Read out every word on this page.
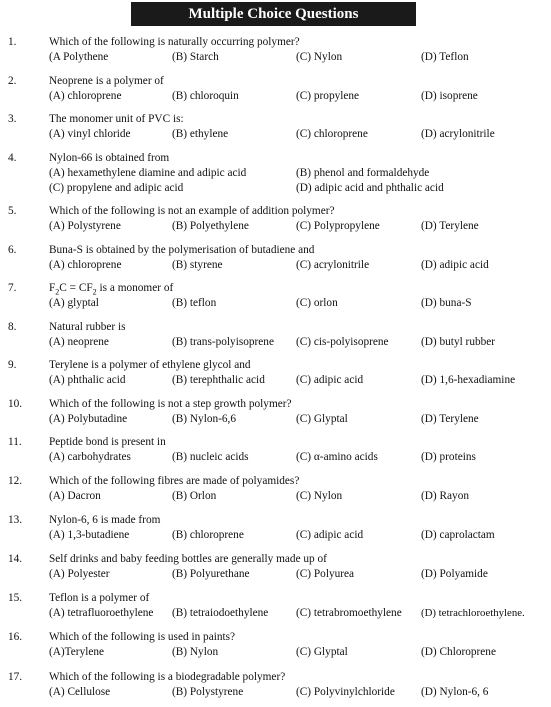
Multiple Choice Questions
1.	Which of the following is naturally occurring polymer?
(A Polythene	(B) Starch	(C) Nylon	(D) Teflon
2.	Neoprene is a polymer of
(A) chloroprene	(B) chloroquin	(C) propylene	(D) isoprene
3.	The monomer unit of PVC is:
(A) vinyl chloride	(B) ethylene	(C) chloroprene	(D) acrylonitrile
4.	Nylon-66 is obtained from
(A) hexamethylene diamine and adipic acid	(B) phenol and formaldehyde
(C) propylene and adipic acid	(D) adipic acid and phthalic acid
5.	Which of the following is not an example of addition polymer?
(A) Polystyrene	(B) Polyethylene	(C) Polypropylene	(D) Terylene
6.	Buna-S is obtained by the polymerisation of butadiene and
(A) chloroprene	(B) styrene	(C) acrylonitrile	(D) adipic acid
7.	$F_2C = CF_2$ is a monomer of
(A) glyptal	(B) teflon	(C) orlon	(D) buna-S
8.	Natural rubber is
(A) neoprene	(B) trans-polyisoprene (C) cis-polyisoprene	(D) butyl rubber
9.	Terylene is a polymer of ethylene glycol and
(A) phthalic acid	(B) terephthalic acid	(C) adipic acid	(D) 1,6-hexadiamine
10. Which of the following is not a step growth polymer?
(A) Polybutadine	(B) Nylon-6,6	(C) Glyptal	(D) Terylene
11. Peptide bond is present in
(A) carbohydrates	(B) nucleic acids	(C) α-amino acids	(D) proteins
12. Which of the following fibres are made of polyamides?
(A) Dacron	(B) Orlon	(C) Nylon	(D) Rayon
13. Nylon-6, 6 is made from
(A) 1,3-butadiene	(B) chloroprene	(C) adipic acid	(D) caprolactam
14. Self drinks and baby feeding bottles are generally made up of
(A) Polyester	(B) Polyurethane	(C) Polyurea	(D) Polyamide
15. Teflon is a polymer of
(A) tetrafluoroethylene (B) tetraiodoethylene (C) tetrabromoethylene (D) tetrachloroethylene.
16. Which of the following is used in paints?
(A)Terylene	(B) Nylon	(C) Glyptal	(D) Chloroprene
17. Which of the following is a biodegradable polymer?
(A) Cellulose	(B) Polystyrene	(C) Polyvinylchloride (D) Nylon-6, 6
